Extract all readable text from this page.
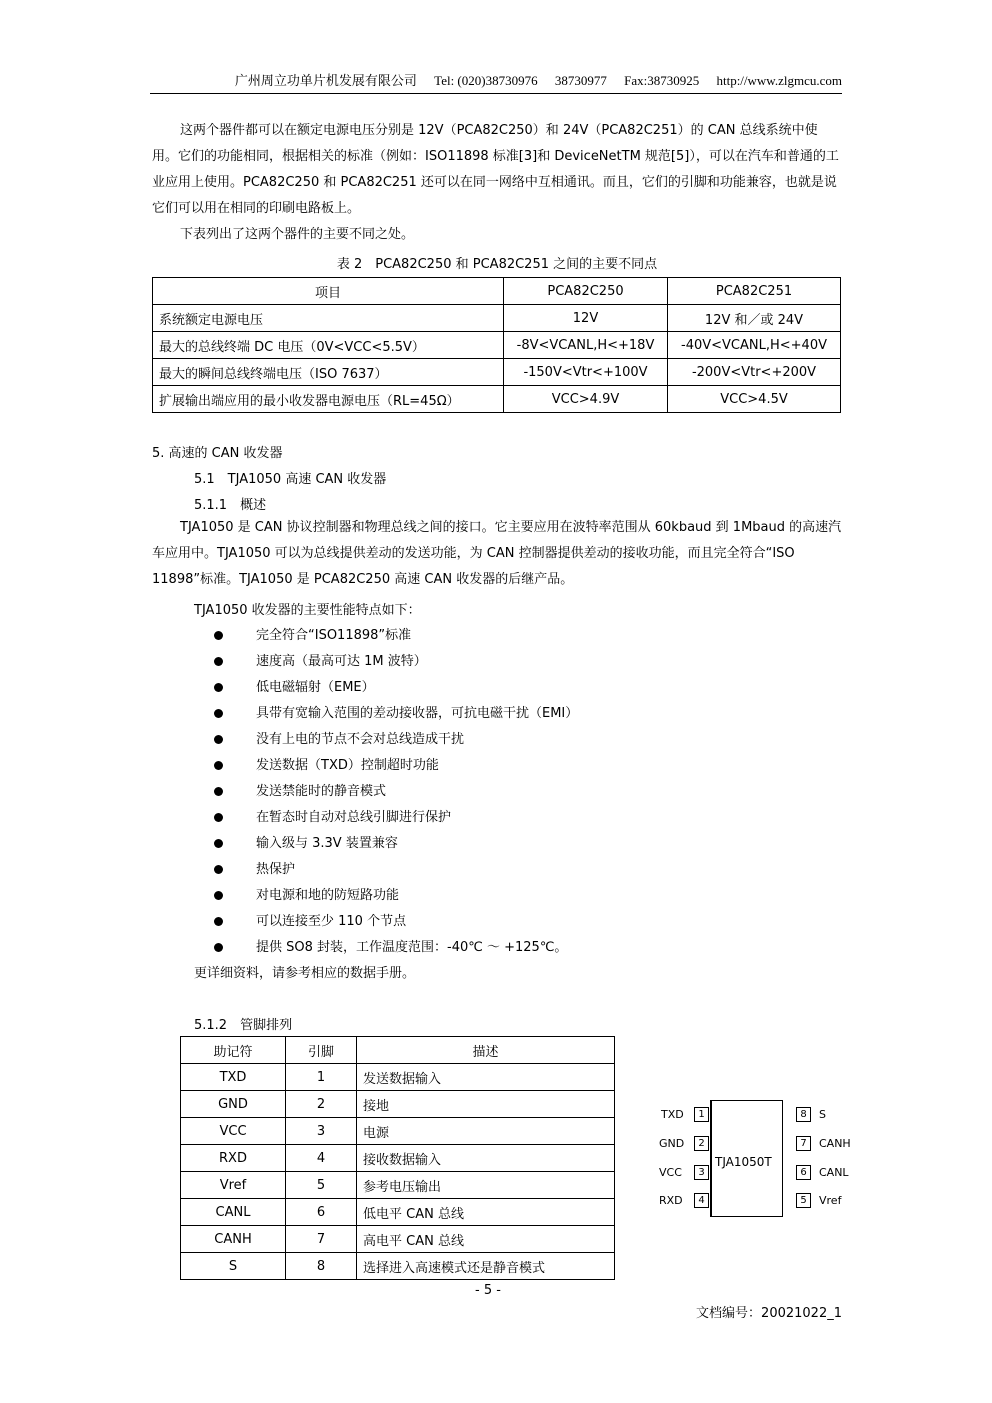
广州周立功单片机发展有限公司 Tel: (020)38730976 38730977 Fax:38730925 http://www.zlgmcu.com

这两个器件都可以在额定电源电压分别是 12V（PCA82C250）和 24V（PCA82C251）的 CAN 总线系统中使用。它们的功能相同，根据相关的标准（例如：ISO11898 标准[3]和 DeviceNetTM 规范[5]），可以在汽车和普通的工业应用上使用。PCA82C250 和 PCA82C251 还可以在同一网络中互相通讯。而且，它们的引脚和功能兼容，也就是说它们可以用在相同的印刷电路板上。

下表列出了这两个器件的主要不同之处。

表 2　PCA82C250 和 PCA82C251 之间的主要不同点
项目	PCA82C250	PCA82C251
系统额定电源电压	12V	12V 和／或 24V
最大的总线终端 DC 电压（0V<VCC<5.5V）	-8V<VCANL,H<+18V	-40V<VCANL,H<+40V
最大的瞬间总线终端电压（ISO 7637）	-150V<Vtr<+100V	-200V<Vtr<+200V
扩展输出端应用的最小收发器电源电压（RL=45Ω）	VCC>4.9V	VCC>4.5V
5. 高速的 CAN 收发器
5.1　TJA1050 高速 CAN 收发器
5.1.1　概述

TJA1050 是 CAN 协议控制器和物理总线之间的接口。它主要应用在波特率范围从 60kbaud 到 1Mbaud 的高速汽车应用中。TJA1050 可以为总线提供差动的发送功能，为 CAN 控制器提供差动的接收功能，而且完全符合“ISO 11898”标准。TJA1050 是 PCA82C250 高速 CAN 收发器的后继产品。

TJA1050 收发器的主要性能特点如下：
完全符合“ISO11898”标准
速度高（最高可达 1M 波特）
低电磁辐射（EME）
具带有宽输入范围的差动接收器，可抗电磁干扰（EMI）
没有上电的节点不会对总线造成干扰
发送数据（TXD）控制超时功能
发送禁能时的静音模式
在暂态时自动对总线引脚进行保护
输入级与 3.3V 装置兼容
热保护
对电源和地的防短路功能
可以连接至少 110 个节点
提供 SO8 封装，工作温度范围：-40℃ ～ +125℃。
更详细资料，请参考相应的数据手册。
5.1.2　管脚排列
助记符	引脚	描述
TXD	1	发送数据输入
GND	2	接地
VCC	3	电源
RXD	4	接收数据输入
Vref	5	参考电压输出
CANL	6	低电平 CAN 总线
CANH	7	高电平 CAN 总线
S	8	选择进入高速模式还是静音模式
TJA1050T
TXD	1
GND	2
VCC	3
RXD	4
8	S
7	CANH
6	CANL
5	Vref
- 5 -
文档编号：20021022_1
